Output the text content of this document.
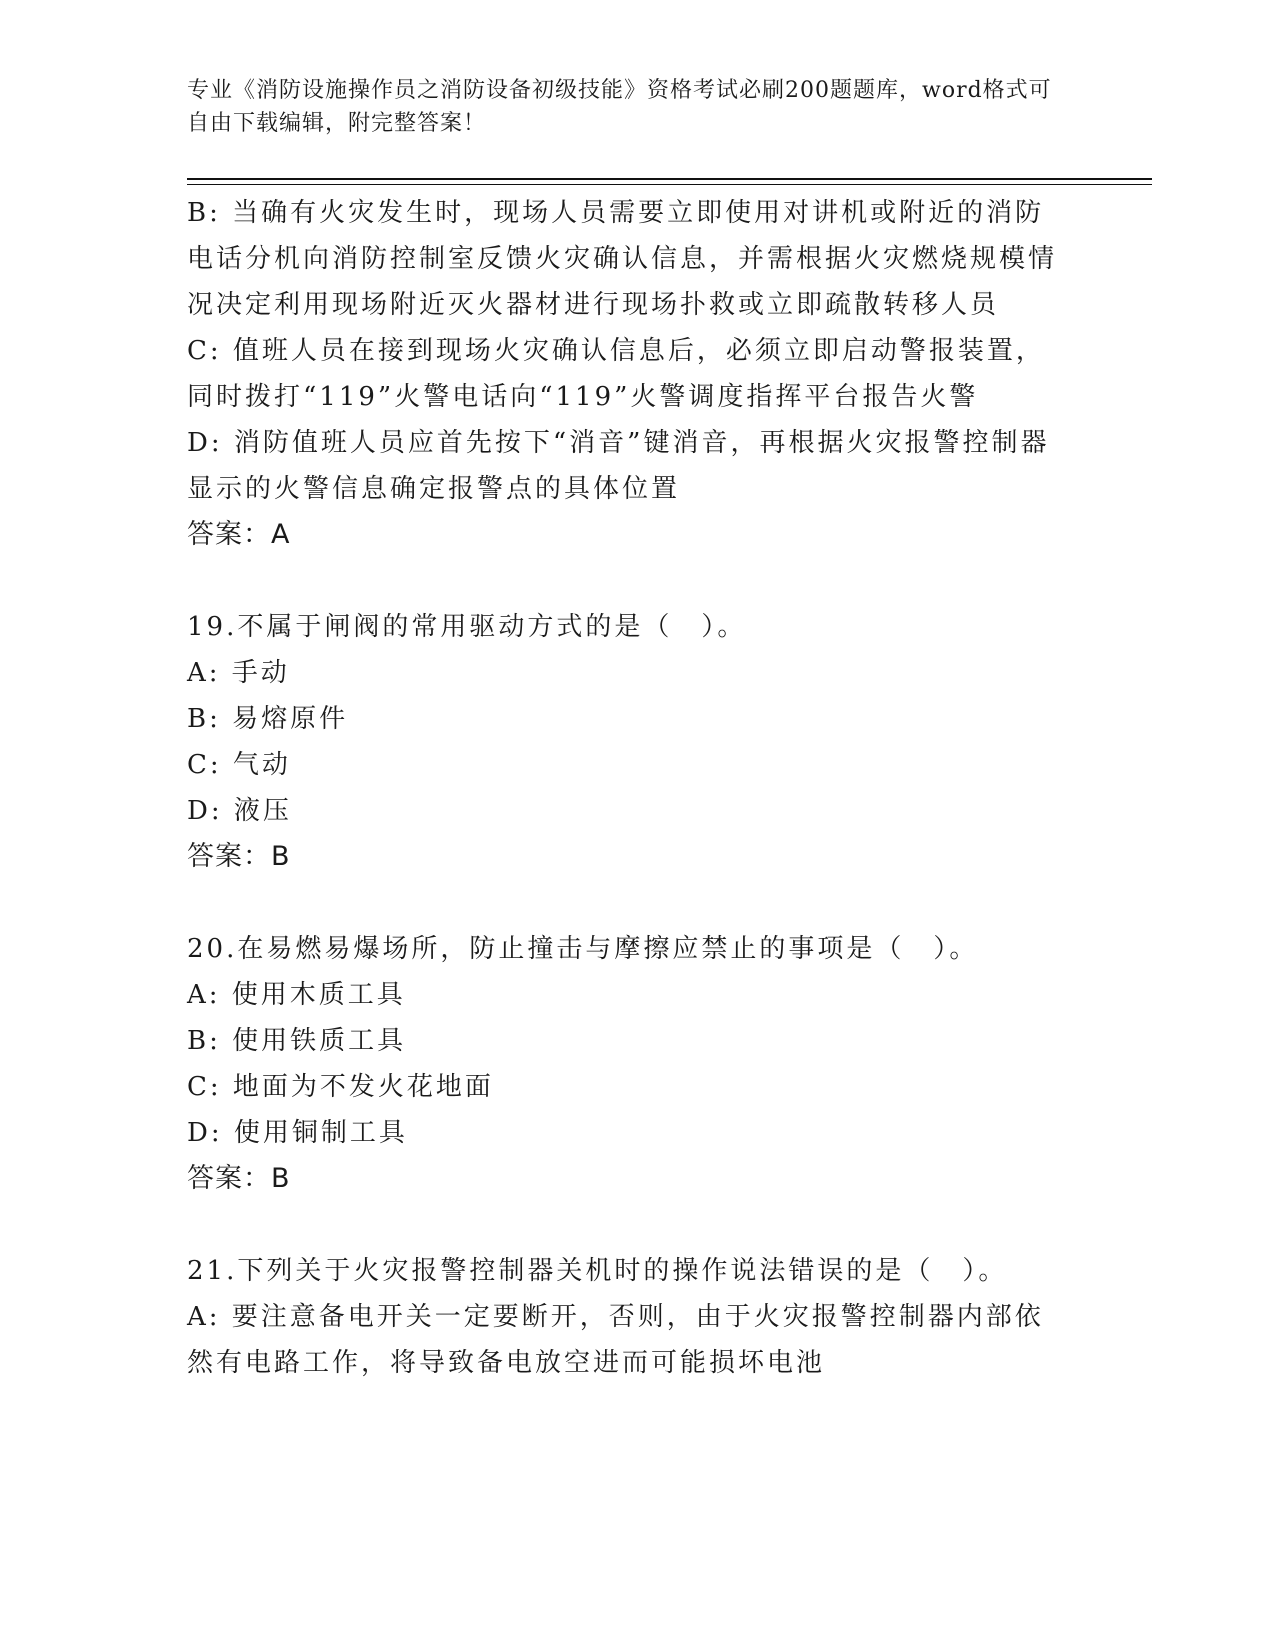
专业《消防设施操作员之消防设备初级技能》资格考试必刷200题题库，word格式可自由下载编辑，附完整答案！
B: 当确有火灾发生时，现场人员需要立即使用对讲机或附近的消防电话分机向消防控制室反馈火灾确认信息，并需根据火灾燃烧规模情况决定利用现场附近灭火器材进行现场扑救或立即疏散转移人员
C: 值班人员在接到现场火灾确认信息后，必须立即启动警报装置，同时拨打“119”火警电话向“119”火警调度指挥平台报告火警
D: 消防值班人员应首先按下“消音”键消音，再根据火灾报警控制器显示的火警信息确定报警点的具体位置
答案：A
19.不属于闸阀的常用驱动方式的是（　）。
A: 手动
B: 易熔原件
C: 气动
D: 液压
答案：B
20.在易燃易爆场所，防止撞击与摩擦应禁止的事项是（　）。
A: 使用木质工具
B: 使用铁质工具
C: 地面为不发火花地面
D: 使用铜制工具
答案：B
21.下列关于火灾报警控制器关机时的操作说法错误的是（　）。
A: 要注意备电开关一定要断开，否则，由于火灾报警控制器内部依然有电路工作，将导致备电放空进而可能损坏电池
